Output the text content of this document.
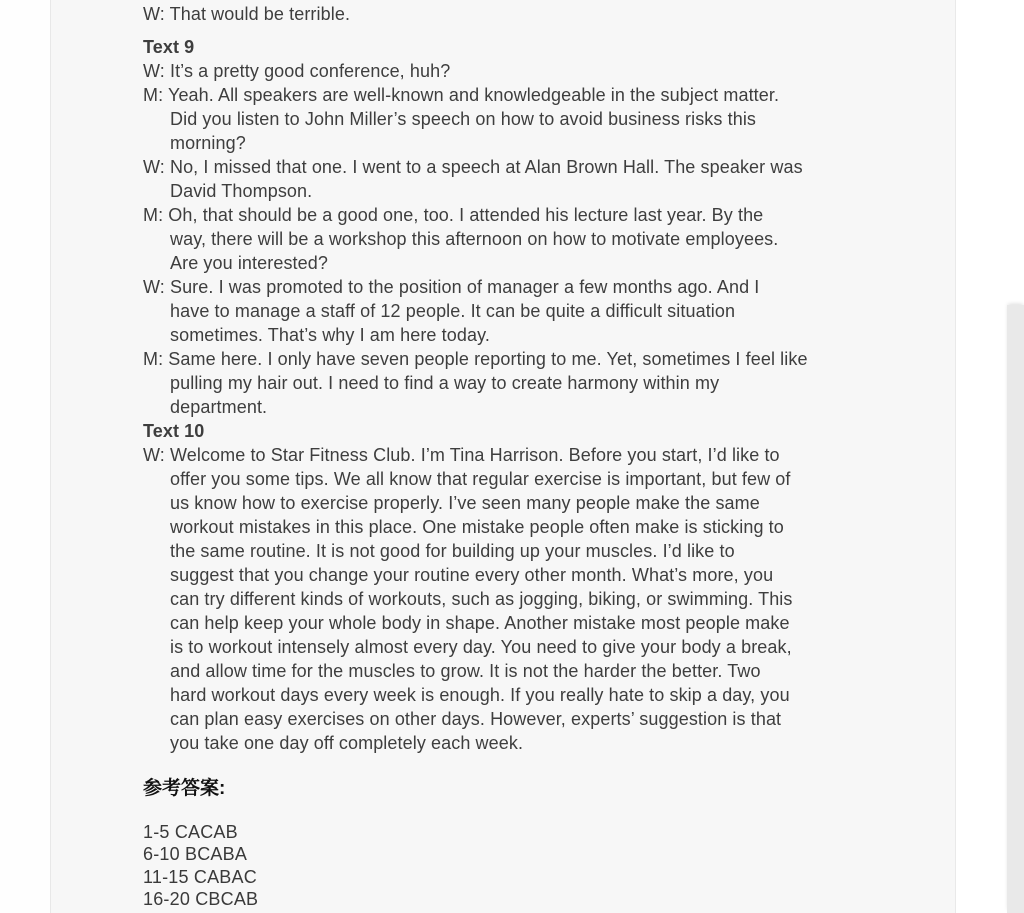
W: That would be terrible.

Text 9

W: It’s a pretty good conference, huh?

M: Yeah. All speakers are well-known and knowledgeable in the subject matter.
Did you listen to John Miller’s speech on how to avoid business risks this
morning?

W: No, I missed that one. I went to a speech at Alan Brown Hall. The speaker was
David Thompson.

M: Oh, that should be a good one, too. I attended his lecture last year. By the
way, there will be a workshop this afternoon on how to motivate employees.
Are you interested?

W: Sure. I was promoted to the position of manager a few months ago. And I
have to manage a staff of 12 people. It can be quite a difficult situation
sometimes. That’s why I am here today.

M: Same here. I only have seven people reporting to me. Yet, sometimes I feel like
pulling my hair out. I need to find a way to create harmony within my
department.

Text 10

W: Welcome to Star Fitness Club. I’m Tina Harrison. Before you start, I’d like to
offer you some tips. We all know that regular exercise is important, but few of
us know how to exercise properly. I’ve seen many people make the same
workout mistakes in this place. One mistake people often make is sticking to
the same routine. It is not good for building up your muscles. I’d like to
suggest that you change your routine every other month. What’s more, you
can try different kinds of workouts, such as jogging, biking, or swimming. This
can help keep your whole body in shape. Another mistake most people make
is to workout intensely almost every day. You need to give your body a break,
and allow time for the muscles to grow. It is not the harder the better. Two
hard workout days every week is enough. If you really hate to skip a day, you
can plan easy exercises on other days. However, experts’ suggestion is that
you take one day off completely each week.

参考答案:

1-5 CACAB

6-10 BCABA

11-15 CABAC

16-20 CBCAB
